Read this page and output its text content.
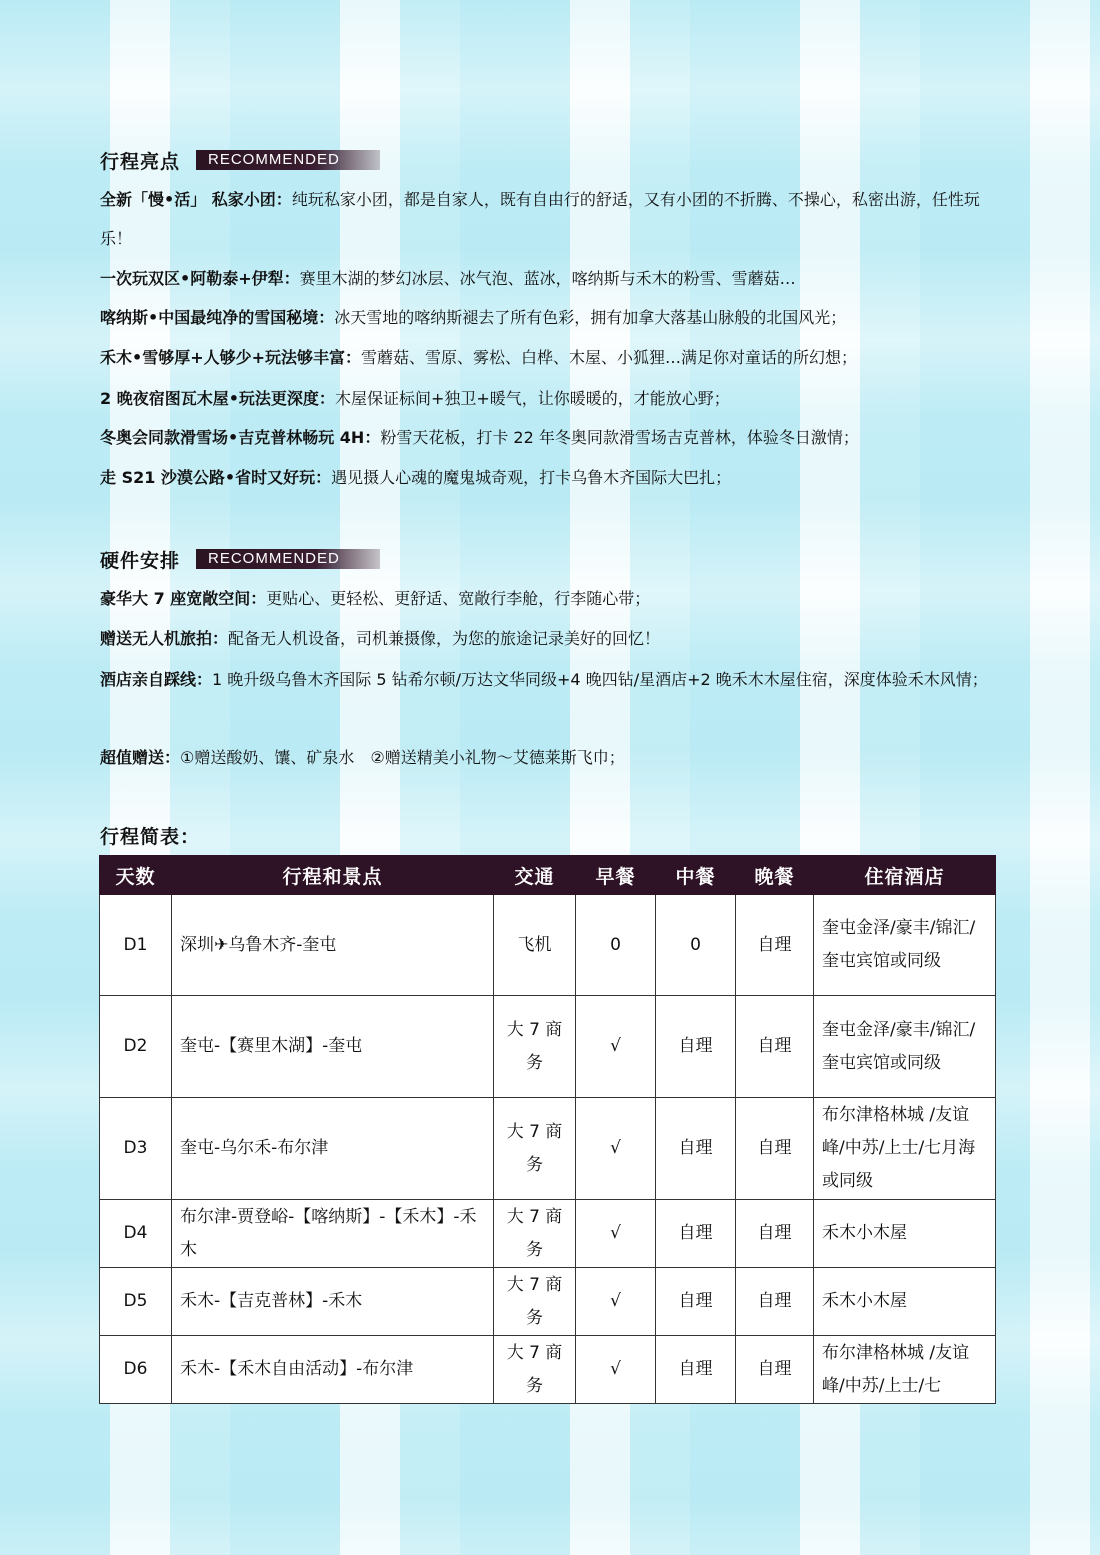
行程亮点	RECOMMENDED
全新「慢•活」 私家小团：纯玩私家小团，都是自家人，既有自由行的舒适，又有小团的不折腾、不操心，私密出游，任性玩乐！
一次玩双区•阿勒泰+伊犁：赛里木湖的梦幻冰层、冰气泡、蓝冰，喀纳斯与禾木的粉雪、雪蘑菇…
喀纳斯•中国最纯净的雪国秘境：冰天雪地的喀纳斯褪去了所有色彩，拥有加拿大落基山脉般的北国风光；
禾木•雪够厚+人够少+玩法够丰富：雪蘑菇、雪原、雾松、白桦、木屋、小狐狸…满足你对童话的所幻想；
2 晚夜宿图瓦木屋•玩法更深度：木屋保证标间+独卫+暖气，让你暖暖的，才能放心野；
冬奥会同款滑雪场•吉克普林畅玩 4H：粉雪天花板，打卡 22 年冬奥同款滑雪场吉克普林，体验冬日激情；
走 S21 沙漠公路•省时又好玩：遇见摄人心魂的魔鬼城奇观，打卡乌鲁木齐国际大巴扎；
硬件安排	RECOMMENDED
豪华大 7 座宽敞空间：更贴心、更轻松、更舒适、宽敞行李舱，行李随心带；
赠送无人机旅拍：配备无人机设备，司机兼摄像，为您的旅途记录美好的回忆！
酒店亲自踩线：1 晚升级乌鲁木齐国际 5 钻希尔顿/万达文华同级+4 晚四钻/星酒店+2 晚禾木木屋住宿，深度体验禾木风情；
超值赠送：①赠送酸奶、馕、矿泉水　②赠送精美小礼物～艾德莱斯飞巾；
行程简表：
天数	行程和景点	交通	早餐	中餐	晚餐	住宿酒店
D1	深圳✈乌鲁木齐-奎屯	飞机	0	0	自理	奎屯金泽/豪丰/锦汇/奎屯宾馆或同级
D2	奎屯-【赛里木湖】-奎屯	大 7 商务	√	自理	自理	奎屯金泽/豪丰/锦汇/奎屯宾馆或同级
D3	奎屯-乌尔禾-布尔津	大 7 商务	√	自理	自理	布尔津格林城 /友谊峰/中苏/上士/七月海或同级
D4	布尔津-贾登峪-【喀纳斯】-【禾木】-禾木	大 7 商务	√	自理	自理	禾木小木屋
D5	禾木-【吉克普林】-禾木	大 7 商务	√	自理	自理	禾木小木屋
D6	禾木-【禾木自由活动】-布尔津	大 7 商务	√	自理	自理	布尔津格林城 /友谊峰/中苏/上士/七
